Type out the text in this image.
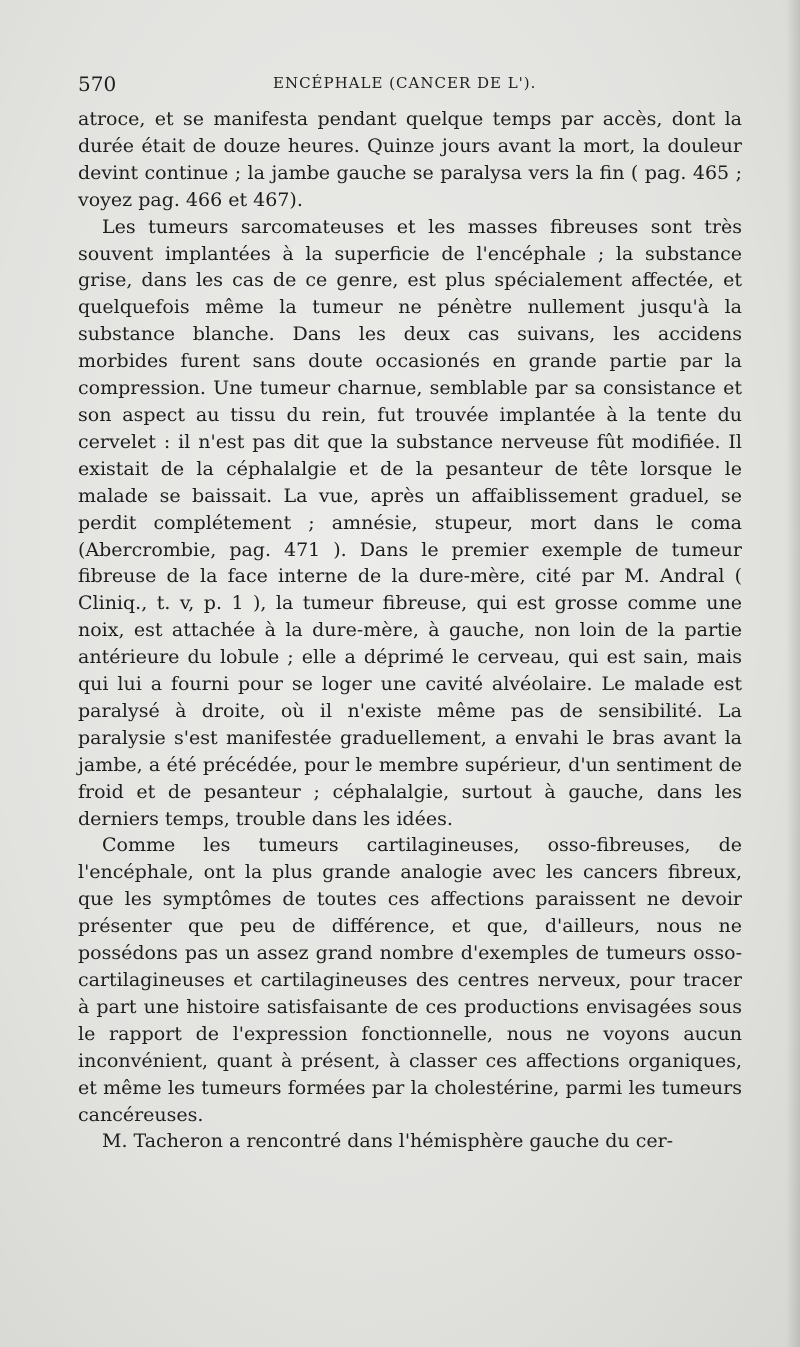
570	ENCÉPHALE (CANCER DE L').

atroce, et se manifesta pendant quelque temps par accès, dont la durée était de douze heures. Quinze jours avant la mort, la douleur devint continue ; la jambe gauche se paralysa vers la fin ( pag. 465 ; voyez pag. 466 et 467).

Les tumeurs sarcomateuses et les masses fibreuses sont très souvent implantées à la superficie de l'encéphale ; la substance grise, dans les cas de ce genre, est plus spécialement affectée, et quelquefois même la tumeur ne pénètre nullement jusqu'à la substance blanche. Dans les deux cas suivans, les accidens morbides furent sans doute occasionés en grande partie par la compression. Une tumeur charnue, semblable par sa consistance et son aspect au tissu du rein, fut trouvée implantée à la tente du cervelet : il n'est pas dit que la substance nerveuse fût modifiée. Il existait de la céphalalgie et de la pesanteur de tête lorsque le malade se baissait. La vue, après un affaiblissement graduel, se perdit complétement ; amnésie, stupeur, mort dans le coma (Abercrombie, pag. 471 ). Dans le premier exemple de tumeur fibreuse de la face interne de la dure-mère, cité par M. Andral ( Cliniq., t. v, p. 1 ), la tumeur fibreuse, qui est grosse comme une noix, est attachée à la dure-mère, à gauche, non loin de la partie antérieure du lobule ; elle a déprimé le cerveau, qui est sain, mais qui lui a fourni pour se loger une cavité alvéolaire. Le malade est paralysé à droite, où il n'existe même pas de sensibilité. La paralysie s'est manifestée graduellement, a envahi le bras avant la jambe, a été précédée, pour le membre supérieur, d'un sentiment de froid et de pesanteur ; céphalalgie, surtout à gauche, dans les derniers temps, trouble dans les idées.

Comme les tumeurs cartilagineuses, osso-fibreuses, de l'encéphale, ont la plus grande analogie avec les cancers fibreux, que les symptômes de toutes ces affections paraissent ne devoir présenter que peu de différence, et que, d'ailleurs, nous ne possédons pas un assez grand nombre d'exemples de tumeurs osso-cartilagineuses et cartilagineuses des centres nerveux, pour tracer à part une histoire satisfaisante de ces productions envisagées sous le rapport de l'expression fonctionnelle, nous ne voyons aucun inconvénient, quant à présent, à classer ces affections organiques, et même les tumeurs formées par la cholestérine, parmi les tumeurs cancéreuses.

M. Tacheron a rencontré dans l'hémisphère gauche du cer-
